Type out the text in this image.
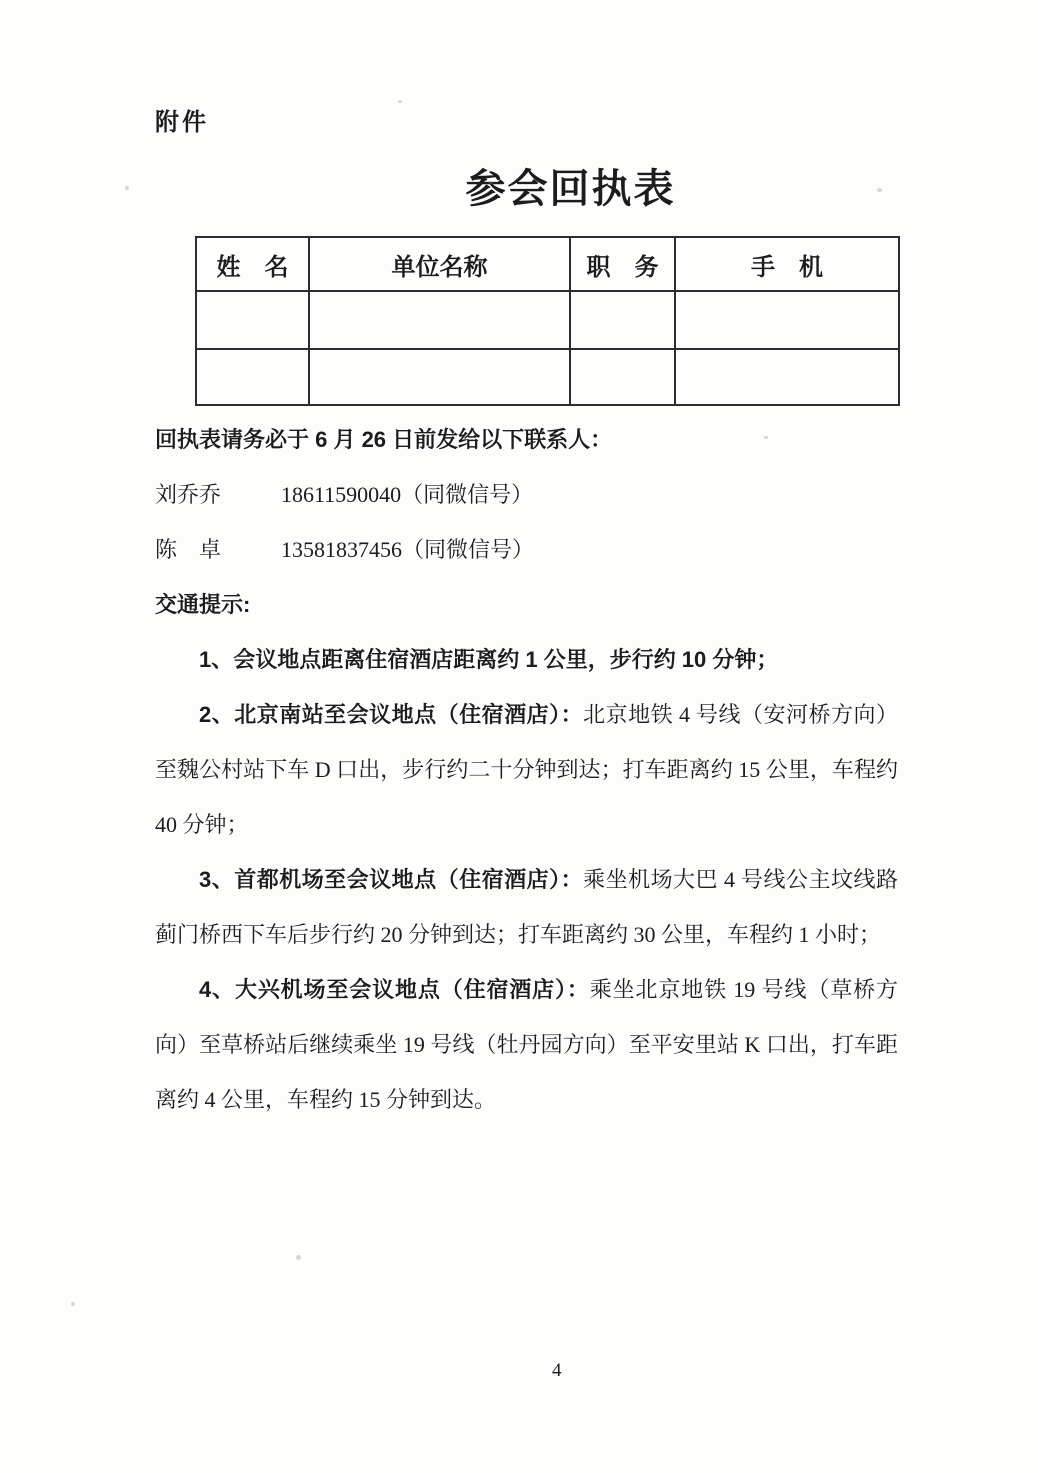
附件
参会回执表
姓　名	单位名称	职　务	手　机

回执表请务必于 6 月 26 日前发给以下联系人：

刘乔乔	18611590040（同微信号）

陈　卓	13581837456（同微信号）

交通提示:

1、会议地点距离住宿酒店距离约 1 公里，步行约 10 分钟；

2、北京南站至会议地点（住宿酒店）：北京地铁 4 号线（安河桥方向）至魏公村站下车 D 口出，步行约二十分钟到达；打车距离约 15 公里，车程约 40 分钟；

3、首都机场至会议地点（住宿酒店）：乘坐机场大巴 4 号线公主坟线路蓟门桥西下车后步行约 20 分钟到达；打车距离约 30 公里，车程约 1 小时；

4、大兴机场至会议地点（住宿酒店）：乘坐北京地铁 19 号线（草桥方向）至草桥站后继续乘坐 19 号线（牡丹园方向）至平安里站 K 口出，打车距离约 4 公里，车程约 15 分钟到达。

4
